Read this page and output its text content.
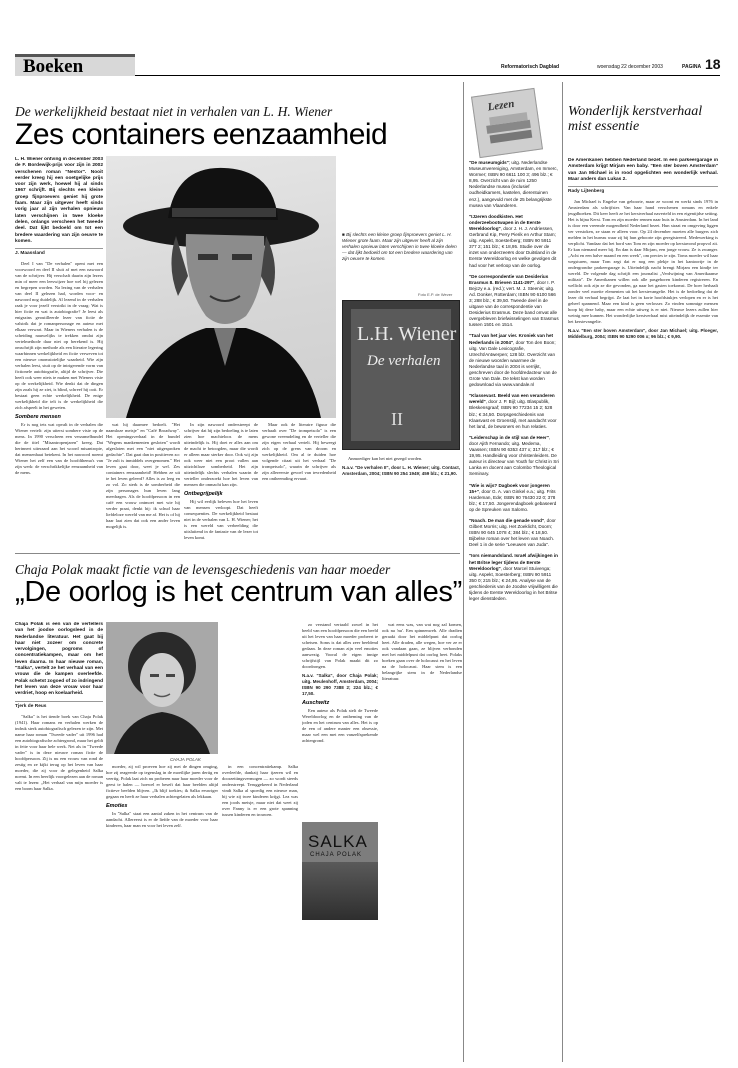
Boeken	Reformatorisch Dagblad	woensdag 22 december 2003	PAGINA 18
De werkelijkheid bestaat niet in verhalen van L. H. Wiener
Zes containers eenzaamheid
L. H. Wiener ontving in december 2003 de F. Bordewijk-prijs voor zijn in 2002 verschenen roman "Nestor". Nooit eerder kreeg hij een ooetgelijke prijs voor zijn werk, hoewel hij al sinds 1967 schrijft. Bij slechts een kleine groep fijnproevers geniet hij grote faam. Maar zijn uitgever heeft sinds vorig jaar al zijn verhalen opnieuw laten verschijnen in twee kloeke delen, onlangs verscheen het tweede deel. Dat lijkt bedoeld om tot een bredere waardering van zijn oeuvre te komen.
J. Maassland

Deel I van "De verhalen" opent met een voorwoord en deel II sluit af met een nawoord van de schrijver. Hij verschaft daarin zijn lezers min of meer een leeswijzer hoe wel hij gelezen en begrepen worden. Na lezing van de verhalen van deel II gelezen had, worden voor- en nawoord nog duidelijk. Al lezend in de verhalen raak je voor jezelf verstrikt in de vraag: Wat is hier fictie en wat is autobiografie? Je leest als enigszins geoutilleerde lezer van fictie de valstrik dat je romanpersonage en auteur met elkaar verwart. Maar in Wieners verhalen is de scheiding nauwelijks te trekken omdat zijn vertelmethode daar niet op berekend is. Hij omschrijft zijn methode als een literaire legering waarbinnen werkelijkheid en fictie verweven tot een nieuwe onomstotelijke waarheid. Wie zijn verhalen leest, stuit op de intrigerende vorm van fictionele autobiografie, altijd de schrijver. Die heeft ook weer niets te maken met Wieners visie op de werkelijkheid. Wie denkt dat de dingen zijn zoals hij ze ziet, is blind, schreef hij ooit. Er bestaat geen echte werkelijkheid. De enige werkelijkheid die telt is de werkelijkheid die zich afspeelt in het geweten.

Sombere mensen

Er is nog iets wat opvalt in de verhalen die Wiener vertelt: zijn uiterst sombere visie op de mens. In 1990 verscheen een verzamelbundel die de titel "Misantropenjaren" kreeg. Dat herinnert uiteraard aan het woord misantropie, dat mensenhaat betekent. In het nawoord noemt Wiener het zelf een van de hoofdthema's van zijn werk: de verschrikkelijke eenzaamheid van de mens.

L.H. Wiener
De verhalen
II
■ Bij slechts een kleine groep fijnproevers geniet L. H. Wiener grote faam. Maar zijn uitgever heeft al zijn verhalen opnieuw laten verschijnen in twee kloeke delen — dat lijkt bedoeld om tot een bredere waardering van zijn oeuvre te komen.
Foto E.P. de Wever

wat hij daarmee bedoelt. "Het naamloze meisje" en "Café Broadway". Het openingsverhaal in de bundel "Wegens mankementen gesloten" wordt afgesloten met een "niet uitgesproken gedachte". Dat gaat dan in positieven zo: "Je zult is inmiddels overgenomen." Het leven gaat door, weet je wel. Zes containers eenzaamheid! Hebben ze uit te het leven geleerd? Alles is zo leeg en zo vol. Zo sterk is de somberheid die zijn personages hun leven lang meedragen. Als de hoofdpersoon in een café een vrouw ontmoet met wie hij verder praat, denkt hij: ik schud haar liefdeloze wereld van me af. Het is of hij haar laat zien dat ook een ander leven mogelijk is.

In zijn nawoord onderstreept de schrijver dat hij zijn bedoeling is te laten zien hoe machteloos de mens uiteindelijk is. Hij doet er alles aan om de macht te betoogden, maar die wordt er alleen maar sterker door. Ook wij zijn ook weer niet een prooi vallen aan uitzichtloze somberheid. Het zijn uiteindelijk slechts verhalen waarin de verteller onderzoekt hoe het leven van mensen die onmacht kan zijn.

Ontbegrijpelijk

Hij wil eerlijk beleven hoe het leven van mensen verloopt. Dat heeft consequenties. De werkelijkheid bestaat niet in de verhalen van L. H. Wiener; het is een wereld van verbeelding die uitsluitend in de fantasie van de lezer tot leven komt.

Maar ook de literaire figuur die verhaalt over "De trompetsolo" is een gewone vreemdeling en de verteller die zijn eigen verhaal vertelt. Hij beweegt zich op de grens van droom en werkelijkheid. Om al te duiden hoe volgende citaat uit het verhaal "De trompetsolo", waarin de schrijver als zijn allereerste gevoel van tevredenheid een ontheemding ervaart.

Anmoediger kan het niet gezegd worden.

N.a.v. "De verhalen II", door L. H. Wiener; uitg. Contact, Amsterdam, 2004; ISBN 90 254 1949; 459 blz.; € 21,90.

Chaja Polak maakt fictie van de levensgeschiedenis van haar moeder
„De oorlog is het centrum van alles”
Chaja Polak is een van de vertellers van het joodse oorlogsleed in de Nederlandse literatuur. Het gaat bij haar niet zozeer om concrete vervolgingen, pogroms of concentratiekampen, maar om het leven daarna. In haar nieuwe roman, "Salka", vertelt ze het verhaal van een vrouw die de kampen overleefde. Polak schetst zogoed of zo indringend het leven van deze vrouw voor haar verdriet, hoop en koelaarheid.
Tjerk de Reus

"Salka" is het tiende boek van Chaja Polak (1941). Haar romans en verhalen werken de indruk sterk autobiografisch gelezen te zijn. Met name haar roman "Tweede vader" uit 1996 had een autobiografische achtergrond, maar het geldt in feite voor haar hele werk. Net als in "Tweede vader" is in deze nieuwe roman fictie de hoofdpersoon. Zij is nu een vrouw van rond de zestig en ze kijkt terug op het leven van haar moeder, die zij voor de gelegenheid Salka noemt. In een heerlijk voorgelezen aan de roman valt te lezen: „Het verhaal van mijn moeder is een boom haar Salka.

CHAJA POLAK

moeder, zij wil proeven hoe zij met de dingen omging, hoe zij reageerde op tegenslag in de moeilijke jaren dertig en veertig. Polak laat zich nu proberen naar haar moeder voor de geest te halen — hoewel er beseft dat haar beelden altijd fictieve beelden blijven. „Ik blijf toekies; ik Salka eeuwiger gegaan en heeft ze haar verhalen achtergelaten als lekkaan.

Emoties

In "Salka" staat een aantal zaken in het centrum van de aandacht. Allereerst is er de liefde van de moeder voor haar kinderen, haar man en voor het leven zelf.

in een concentratiekamp. Salka overleefde, dankzij haar ijzeren wil en doorzettingsvermogen — zo wordt steeds onderstreept. Teruggekeerd in Nederland vindt Salka al spoedig een nieuwe man, bij wie zij twee kinderen krijgt. Lea was een joods meisje, maar niet dat weet zij over Fanny is er een grote spanning tussen kinderen en trouwen.

zo verstand vertaald zowel in het beeld van een hoofdpersoon die een beeld uit het leven van haar moeder probeert te schetsen. Soms is dat alles zeer beeldend gedaan. In deze roman zijn veel emoties aanwezig. Vooral de eigen innige schrijfstijl van Polak maakt dit zo doordrongen.

N.a.v. "Salka", door Chaja Polak; uitg. Meulenhoff, Amsterdam, 2004; ISBN 90 290 7388 2; 224 blz.; € 17,50.

Auschwitz

Een auteur als Polak stelt de Tweede Wereldoorlog en de ontheming van de joden en het centrum van alles. Het is op de een of andere manier een obsessie, maar wel een met een vanzelfsprekende achtergrond.

SALKA
CHAJA POLAK

wat eens was, van wat nog zal komen, ook na 'nu'. Een spinnenweb. Alle dradien geraakt door het middelpunt dat oorlog heet. Alle draden, alle wegen, hoe ver ze er ook vandaan gaan, ze blijven verbonden met het middelpunt dat oorlog heet. Polaks boeken gaan over de holocaust en het leven na de holocaust. Haar stem is een belangrijke stem in de Nederlandse literatuur.

Lezen
"De museumgids"; uitg. Nederlandse Museumvereniging, Amsterdam, en Inmerc, Wormer; ISBN 90 6611 100 3; 496 blz.; € 8,95. Overzicht van de ruim 1250 Nederlandse musea (inclusief oudheidkamers, kastelen, dierentuinen enz.), aangevuld met de 25 belangrijkste musea van Vlaanderen.
"IJzeren doodkisten. Het onderzeebootwapen in de Eerste Wereldoorlog", door J. H. J. Andriessen, Gerbrand Kip, Perry Pierik en Arthur Stam; uitg. Aspekt, Soesterberg; ISBN 90 5911 377 2; 151 blz.; € 18,95. Studie over de inzet van onderzeeërs door Duitsland in de Eerste Wereldoorlog en welke gevolgen dit had voor het verloop van de oorlog.
"De correspondentie van Desiderius Erasmus 8. Brieven 1141-297", door I. P. Bejczy e.a. (red.); vert. M. J. Steenis; uitg. Ad. Donker, Rotterdam; ISBN 90 6100 566 3; 288 blz.; € 39,50. Tweede deel in de uitgave van de correspondentie van Desiderius Erasmus. Deze band omvat alle overgebleven briefwisselingen van Erasmus tussen 1501 en 1514.
"Taal van het jaar vier. Kroniek van het Nederlands in 2004", door Ton den Boon; uitg. Van Dale Lexicografie, Utrecht/Antwerpen; 128 blz. Overzicht van de nieuwe woorden waarmee de Nederlandse taal in 2004 is verrijkt, geschreven door de hoofdredacteur van de Grote Van Dale. De tekst kan worden gedownload via www.vandale.nl
"Klassevast. Beeld van een veranderen wereld", door J. P. Bijl; uitg. Blaspublik, Bleskensgraaf; ISBN 90 77234 15 2; 528 blz.; € 34,50. Dorpsgeschiedenis van Klaasvast en Groenstijl, met aandacht voor het land, de bewoners en hun relaties.
"Leiderschap in de stijl van de Heer", door Ajith Fernando; uitg. Medema, Vaassen; ISBN 90 6353 437 x; 317 blz.; € 19,95. Handleiding voor christenleiders. De auteur is directeur van Youth for Christ in Sri Lanka en docent aan Colombo Theological Seminary.
"Wie is wijs? Dagboek voor jongeren 15+", door G. A. van Ginkel e.a.; uitg. Frits Hardeman, Ede; ISBN 90 76430 22 0; 378 blz.; € 17,50. Jongerendagboek gebaseerd op de Spreuken van Salomo.
"Noach. De man die genade vond", door Gilbert Morris; uitg. Het Zoeklicht, Doorn; ISBN 90 645 1078 4; 384 blz.; € 18,50. Bijbelse roman over het leven van Noach. Deel 1 in de serie "Leeuwen van Juda".
"Iors niemandsland. Israël afwijkingen in het Britse leger tijdens de Eerste Wereldoorlog", door Marcel Stuivenga; uitg. Aspekt, Soesterberg; ISBN 90 5911 350 0; 215 blz.; € 24,95. Analyse van de geschiedenis van de Joodse vrijwilligers die tijdens de Eerste Wereldoorlog in het Britse leger dienstdeden.
Wonderlijk kerstverhaal mist essentie
De Amerikanen hebben Nederland bezet. In een parkeergarage in Amsterdam krijgt Mirjam een baby. "Een ster boven Amsterdam" van Jan Michael is in rood opgelichten een wonderlijk verhaal. Maar anders dan Lukas 2.
Rady Lijtenberg

Jan Michael is Engelse van geboorte, maar ze woont en werkt sinds 1976 in Amsterdam als schrijfster. Van haar hand verschenen romans en enkele jeugdboeken. Dit keer heeft ze het kerstverhaal naverteld in een eigentijdse setting. Het is bijna Kerst. Tom en zijn moeder rennen naar huis in Amsterdam. In het land is door een vreemde mogendheid Nederland bezet. Hun straat en omgeving liggen ver verstoken, ze staan er alleen voor. Op 24 december moeten alle burgers zich melden in het bureau waar zij bij hun geboorte zijn geregistreerd. Medewerking is verplicht. Vandaar dat het bord van Tom en zijn moeder op kerstavond propvol zit. Er kan niemand meer bij. En dan is daar Mirjam, een jonge vrouw. Ze is zwanger. „Acht en een halve maand en een week", om precies te zijn. Toms moeder wil haar wegsturen, maar Tom zegt dat er nog een plekje in het kantoortje in de ondergrondse parkeergarage is. Uiteindelijk nacht brengt Mirjam een kindje ter wereld. De volgende dag schrijft een journalist „Verdwijning van Amerikaanse militair". De Amerikanen willen ook alle pasgeboren kinderen registreren. En wellicht ook zijn ze die gevonden, ga naar het gasten toekomst. De boer herhaalt zonder veel moeite elementen uit het kerstevangelie. Het is de bedoeling dat de lezer dit verhaal begrijpt. Ze laat het in korte hoofdstukjes verlopen en er is het geheel spannend. Maar een kind is geen verlosser. Zo vinden sommige mensen hoop bij deze baby, maar een echte uitweg is er niet. Nieuwe lezers zullen hier weinig mee kunnen. Het wonderlijke kerstverhaal mist uiteindelijk de essentie van het kerstevangelie.

N.a.v. "Een ster boven Amsterdam", door Jan Michael; uitg. Ploeger, Middelburg, 2004; ISBN 90 5290 006 x; 96 blz.; € 9,90.
